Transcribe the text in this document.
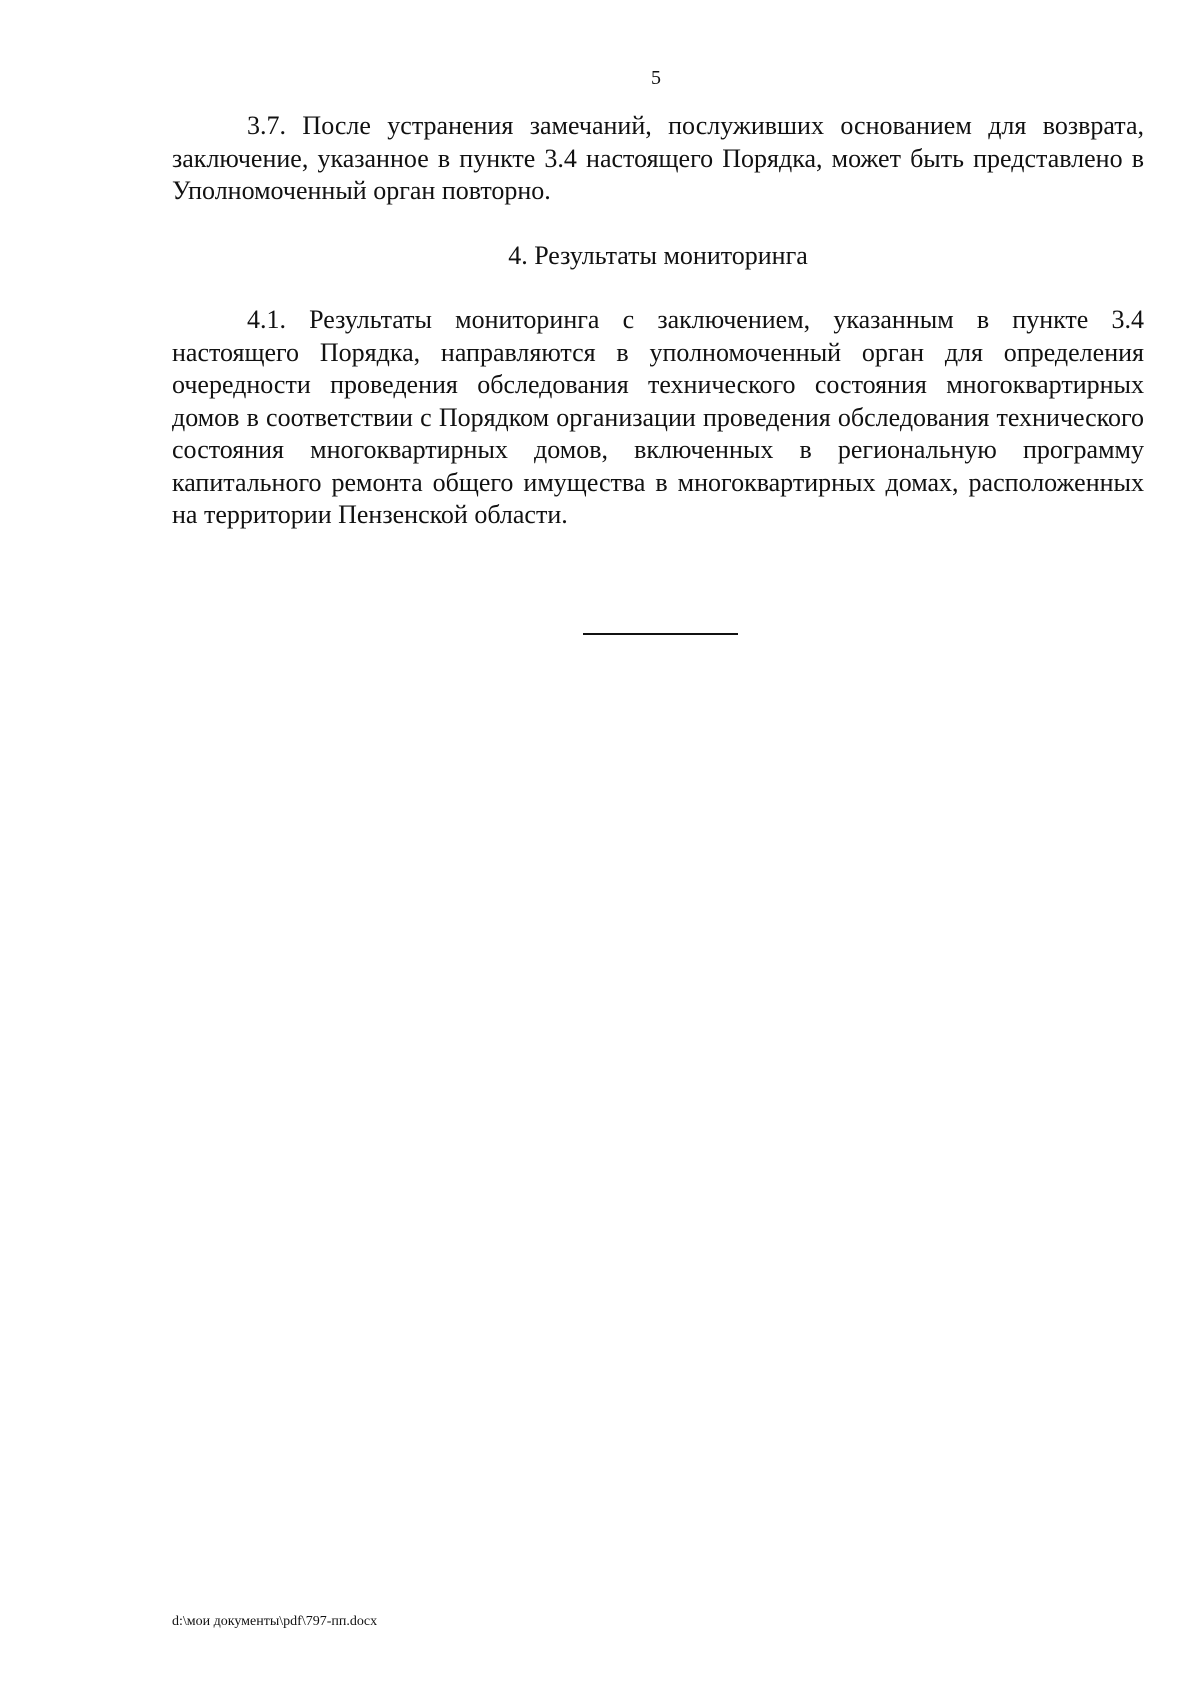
5

3.7. После устранения замечаний, послуживших основанием для возврата, заключение, указанное в пункте 3.4 настоящего Порядка, может быть представлено в Уполномоченный орган повторно.

4. Результаты мониторинга

4.1. Результаты мониторинга с заключением, указанным в пункте 3.4 настоящего Порядка, направляются в уполномоченный орган для определения очередности проведения обследования технического состояния многоквартирных домов в соответствии с Порядком организации проведения обследования технического состояния многоквартирных домов, включенных в региональную программу капитального ремонта общего имущества в многоквартирных домах, расположенных на территории Пензенской области.

d:\мои документы\pdf\797-пп.docx
